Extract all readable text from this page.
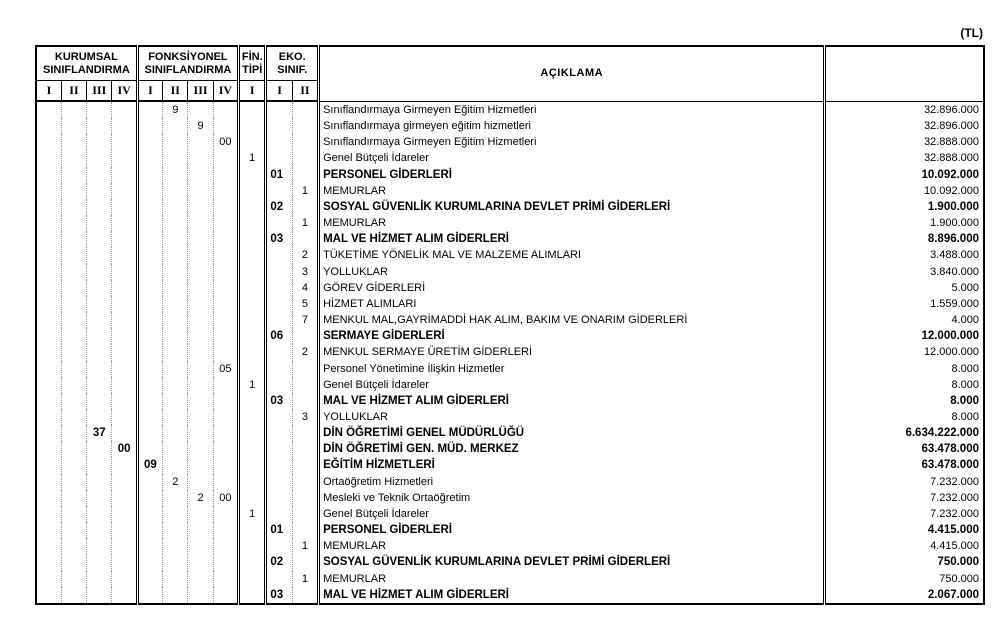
(TL)
KURUMSAL
SINIFLANDIRMA

FONKSİYONEL
SINIFLANDIRMA

FİN.
TİPİ

EKO.
SINIF.	AÇIKLAMA	
I	II	III	IV	I	II	III	IV	I	I	II		
					9						Sınıflandırmaya Girmeyen Eğitim Hizmetleri	32.896.000
						9					Sınıflandırmaya girmeyen eğitim hizmetleri	32.896.000
							00				Sınıflandırmaya Girmeyen Eğitim Hizmetleri	32.888.000
								1			Genel Bütçeli İdareler	32.888.000
									01		PERSONEL GİDERLERİ	10.092.000
										1	MEMURLAR	10.092.000
									02		SOSYAL GÜVENLİK KURUMLARINA DEVLET PRİMİ GİDERLERİ	1.900.000
										1	MEMURLAR	1.900.000
									03		MAL VE HİZMET ALIM GİDERLERİ	8.896.000
										2	TÜKETİME YÖNELİK MAL VE MALZEME ALIMLARI	3.488.000
										3	YOLLUKLAR	3.840.000
										4	GÖREV GİDERLERİ	5.000
										5	HİZMET ALIMLARI	1.559.000
										7	MENKUL MAL,GAYRİMADDİ HAK ALIM, BAKIM VE ONARIM GİDERLERİ	4.000
									06		SERMAYE GİDERLERİ	12.000.000
										2	MENKUL SERMAYE ÜRETİM GİDERLERİ	12.000.000
							05				Personel Yönetimine İlişkin Hizmetler	8.000
								1			Genel Bütçeli İdareler	8.000
									03		MAL VE HİZMET ALIM GİDERLERİ	8.000
										3	YOLLUKLAR	8.000
		37									DİN ÖĞRETİMİ GENEL MÜDÜRLÜĞÜ	6.634.222.000
			00								DİN ÖĞRETİMİ GEN. MÜD. MERKEZ	63.478.000
				09							EĞİTİM HİZMETLERİ	63.478.000
					2						Ortaöğretim Hizmetleri	7.232.000
						2	00				Mesleki ve Teknik Ortaöğretim	7.232.000
								1			Genel Bütçeli İdareler	7.232.000
									01		PERSONEL GİDERLERİ	4.415.000
										1	MEMURLAR	4.415.000
									02		SOSYAL GÜVENLİK KURUMLARINA DEVLET PRİMİ GİDERLERİ	750.000
										1	MEMURLAR	750.000
									03		MAL VE HİZMET ALIM GİDERLERİ	2.067.000
